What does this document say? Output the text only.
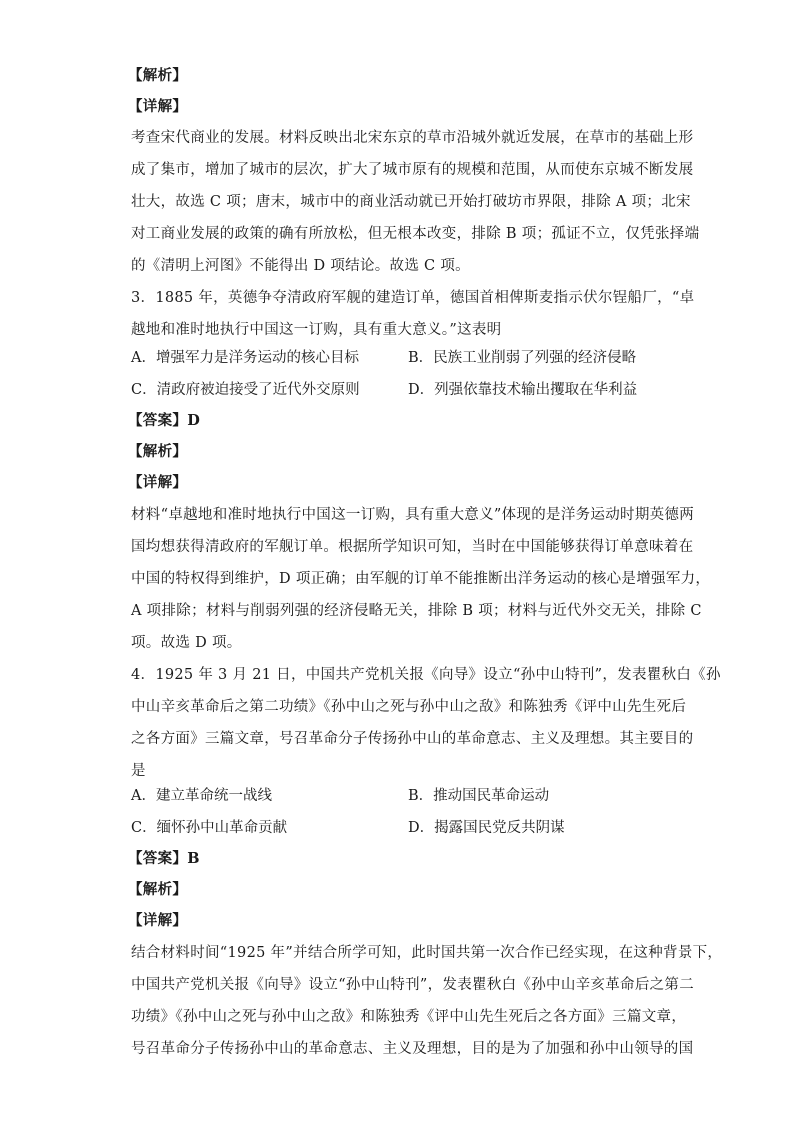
【解析】
【详解】
考查宋代商业的发展。材料反映出北宋东京的草市沿城外就近发展，在草市的基础上形
成了集市，增加了城市的层次，扩大了城市原有的规模和范围，从而使东京城不断发展
壮大，故选 C 项；唐末，城市中的商业活动就已开始打破坊市界限，排除 A 项；北宋
对工商业发展的政策的确有所放松，但无根本改变，排除 B 项；孤证不立，仅凭张择端
的《清明上河图》不能得出 D 项结论。故选 C 项。
3．1885 年，英德争夺清政府军舰的建造订单，德国首相俾斯麦指示伏尔锃船厂，“卓
越地和准时地执行中国这一订购，具有重大意义。”这表明
A．增强军力是洋务运动的核心目标	B．民族工业削弱了列强的经济侵略
C．清政府被迫接受了近代外交原则	D．列强依靠技术输出攫取在华利益
【答案】D
【解析】
【详解】
材料“卓越地和准时地执行中国这一订购，具有重大意义”体现的是洋务运动时期英德两
国均想获得清政府的军舰订单。根据所学知识可知，当时在中国能够获得订单意味着在
中国的特权得到维护，D 项正确；由军舰的订单不能推断出洋务运动的核心是增强军力，
A 项排除；材料与削弱列强的经济侵略无关，排除 B 项；材料与近代外交无关，排除 C
项。故选 D 项。
4．1925 年 3 月 21 日，中国共产党机关报《向导》设立“孙中山特刊”，发表瞿秋白《孙
中山辛亥革命后之第二功绩》《孙中山之死与孙中山之敌》和陈独秀《评中山先生死后
之各方面》三篇文章，号召革命分子传扬孙中山的革命意志、主义及理想。其主要目的
是
A．建立革命统一战线	B．推动国民革命运动
C．缅怀孙中山革命贡献	D．揭露国民党反共阴谋
【答案】B
【解析】
【详解】
结合材料时间“1925 年”并结合所学可知，此时国共第一次合作已经实现，在这种背景下，
中国共产党机关报《向导》设立“孙中山特刊”，发表瞿秋白《孙中山辛亥革命后之第二
功绩》《孙中山之死与孙中山之敌》和陈独秀《评中山先生死后之各方面》三篇文章，
号召革命分子传扬孙中山的革命意志、主义及理想，目的是为了加强和孙中山领导的国
